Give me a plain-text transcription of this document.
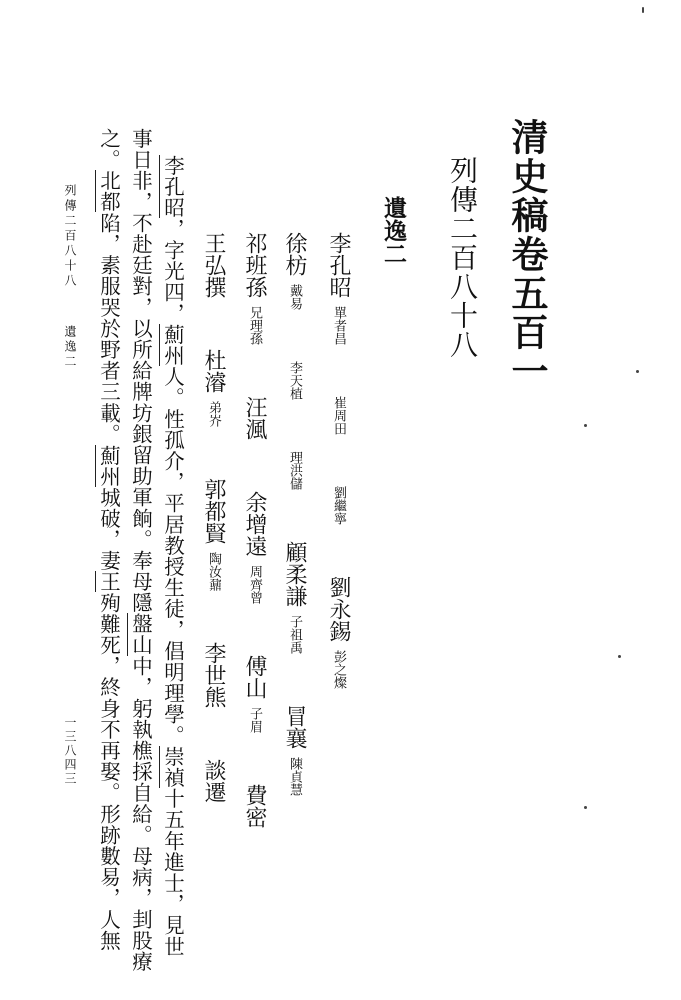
清史稿卷五百一
列傳二百八十八
遺逸二
李孔昭單者昌 崔周田 劉繼寧 劉永錫彭之燦
徐枋戴易 李天植 理洪儲 顧柔謙子祖禹 冒襄陳貞慧
祁班孫兄理孫 汪渢 余增遠周齊曾 傅山子眉 費密
王弘撰 杜濬弟岕 郭都賢陶汝鼐 李世熊 談遷
李孔昭，字光四，薊州人。性孤介，平居教授生徒，倡明理學。崇禎十五年進士，見世
事日非，不赴廷對，以所給牌坊銀留助軍餉。奉母隱盤山中，躬執樵採自給。母病，刲股療
之。北都陷，素服哭於野者三載。薊州城破，妻王殉難死，終身不再娶。形跡數易，人無
列傳二百八十八遺逸二
一三八四三
